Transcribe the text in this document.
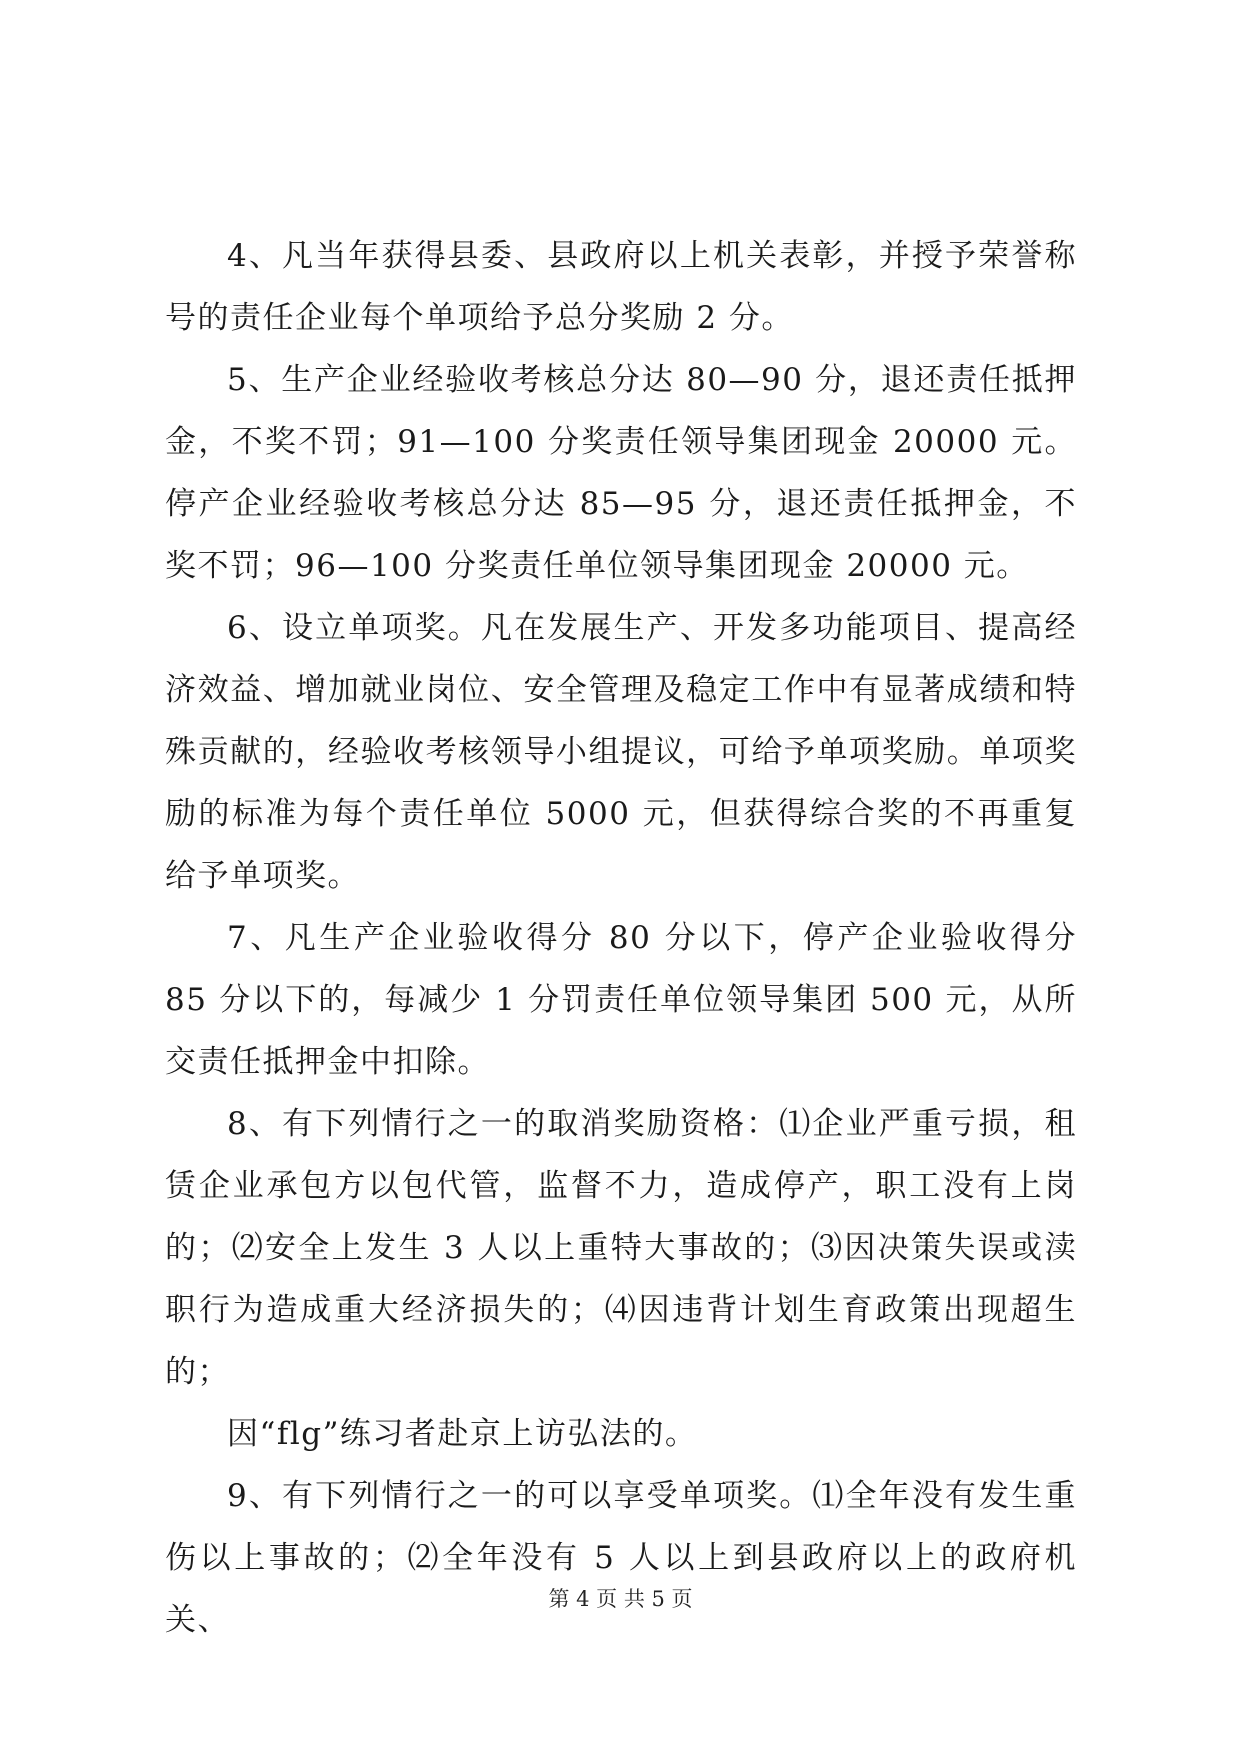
4、凡当年获得县委、县政府以上机关表彰，并授予荣誉称号的责任企业每个单项给予总分奖励 2 分。

5、生产企业经验收考核总分达 80—90 分，退还责任抵押金，不奖不罚；91—100 分奖责任领导集团现金 20000 元。停产企业经验收考核总分达 85—95 分，退还责任抵押金，不奖不罚；96—100 分奖责任单位领导集团现金 20000 元。

6、设立单项奖。凡在发展生产、开发多功能项目、提高经济效益、增加就业岗位、安全管理及稳定工作中有显著成绩和特殊贡献的，经验收考核领导小组提议，可给予单项奖励。单项奖励的标准为每个责任单位 5000 元，但获得综合奖的不再重复给予单项奖。

7、凡生产企业验收得分 80 分以下，停产企业验收得分 85 分以下的，每减少 1 分罚责任单位领导集团 500 元，从所交责任抵押金中扣除。

8、有下列情行之一的取消奖励资格：⑴企业严重亏损，租赁企业承包方以包代管，监督不力，造成停产，职工没有上岗的；⑵安全上发生 3 人以上重特大事故的；⑶因决策失误或渎职行为造成重大经济损失的；⑷因违背计划生育政策出现超生的；

因“flg”练习者赴京上访弘法的。

9、有下列情行之一的可以享受单项奖。⑴全年没有发生重伤以上事故的；⑵全年没有 5 人以上到县政府以上的政府机关、

第 4 页 共 5 页
